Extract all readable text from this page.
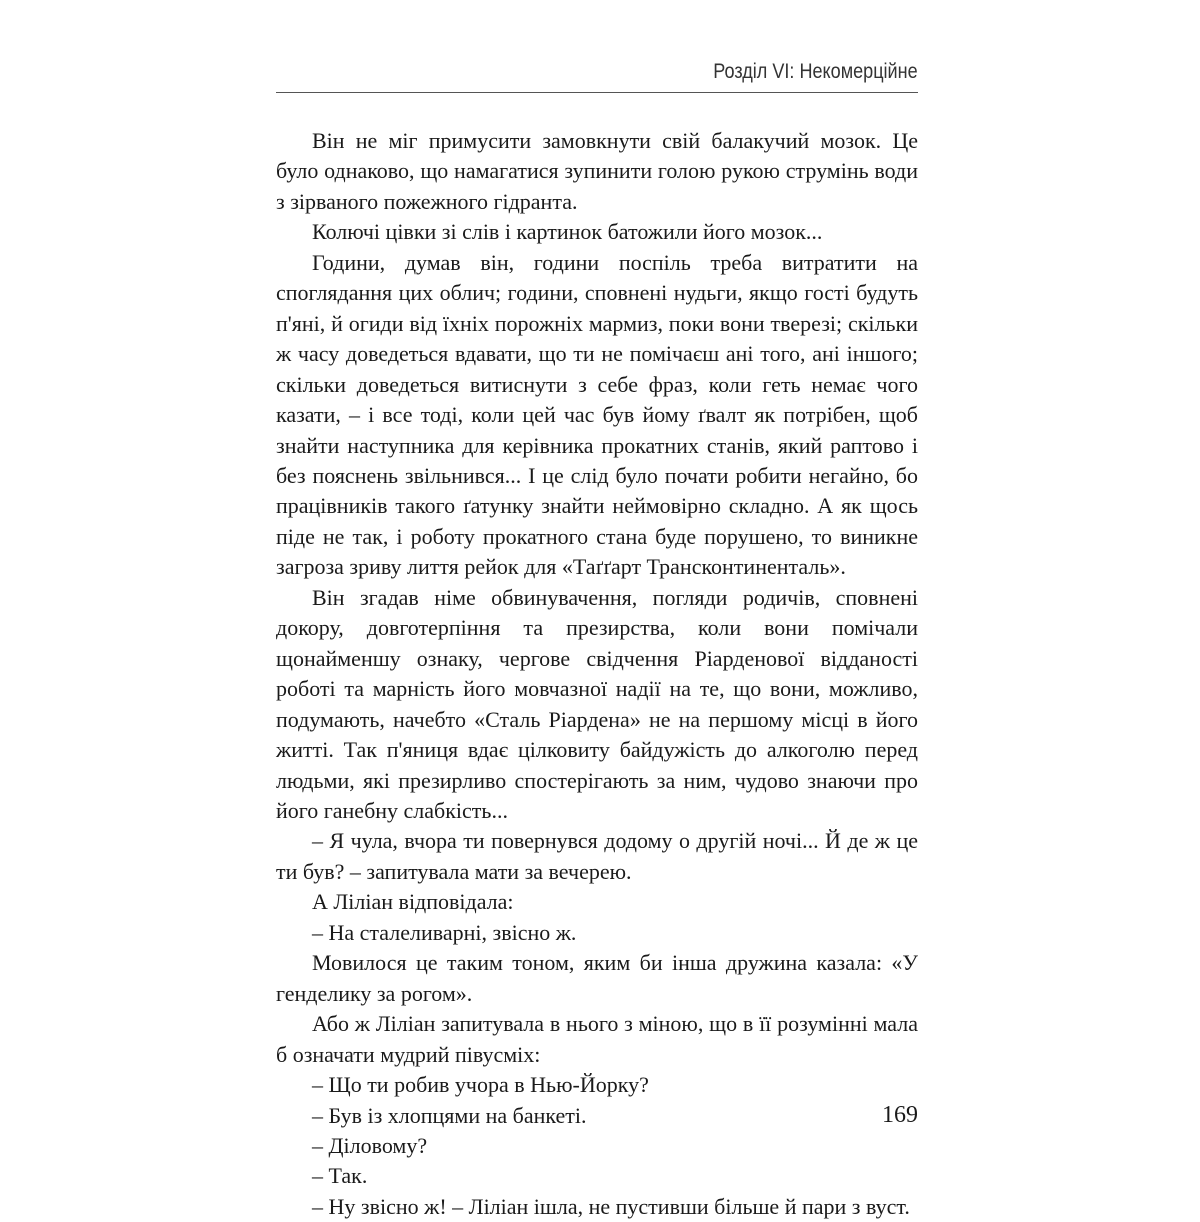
Розділ VI: Некомерційне

Він не міг примусити замовкнути свій балакучий мозок. Це було однаково, що намагатися зупинити голою рукою струмінь води з зірваного пожежного гідранта.

Колючі цівки зі слів і картинок батожили його мозок...

Години, думав він, години поспіль треба витратити на споглядання цих облич; години, сповнені нудьги, якщо гості будуть п'яні, й огиди від їхніх порожніх мармиз, поки вони тверезі; скільки ж часу доведеться вдавати, що ти не помічаєш ані того, ані іншого; скільки доведеться витиснути з себе фраз, коли геть немає чого казати, – і все тоді, коли цей час був йому ґвалт як потрібен, щоб знайти наступника для керівника прокатних станів, який раптово і без пояснень звільнився... І це слід було почати робити негайно, бо працівників такого ґатунку знайти неймовірно складно. А як щось піде не так, і роботу прокатного стана буде порушено, то виникне загроза зриву лиття рейок для «Таґґарт Трансконтиненталь».

Він згадав німе обвинувачення, погляди родичів, сповнені докору, довготерпіння та презирства, коли вони помічали щонайменшу ознаку, чергове свідчення Ріарденової відданості роботі та марність його мовчазної надії на те, що вони, можливо, подумають, начебто «Сталь Ріардена» не на першому місці в його житті. Так п'яниця вдає цілковиту байдужість до алкоголю перед людьми, які презирливо спостерігають за ним, чудово знаючи про його ганебну слабкість...

– Я чула, вчора ти повернувся додому о другій ночі... Й де ж це ти був? – запитувала мати за вечерею.

А Ліліан відповідала:

– На сталеливарні, звісно ж.

Мовилося це таким тоном, яким би інша дружина казала: «У генделику за рогом».

Або ж Ліліан запитувала в нього з міною, що в її розумінні мала б означати мудрий півусміх:

– Що ти робив учора в Нью-Йорку?

– Був із хлопцями на банкеті.

– Діловому?

– Так.

– Ну звісно ж! – Ліліан ішла, не пустивши більше й пари з вуст.

169
